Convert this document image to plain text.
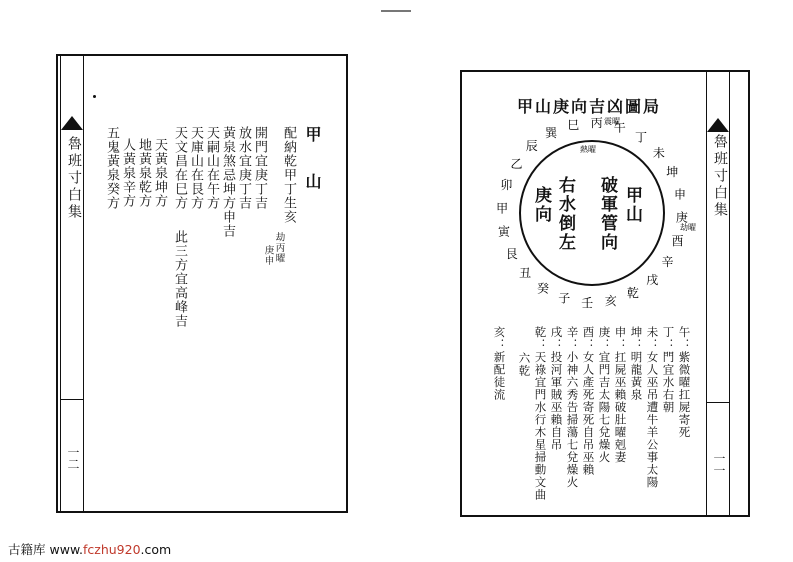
魯班寸白集
一二
甲 山
配納乾甲丁生亥
劫丙曜
庚申
開門宜庚丁吉
放水宜庚丁吉
黃泉煞忌坤方申吉
天嗣山在午方
天庫山在艮方
天文昌在巳方
此三方宜高峰吉
天黃泉坤方
地黃泉乾方
人黃泉辛方
五鬼黃泉癸方	魯班寸白集
一一
甲山庚向吉凶圖局
午
丁
未
坤
申
庚
酉
辛
戌
乾
亥
壬
子
癸
丑
艮
寅
甲
卯
乙
辰
巽
巳 丙 震曜
熱曜
劫曜
甲山
破軍管向
右水倒左
庚向
午：紫微曜扛屍寄死
丁：門宜水右朝
未：女人巫吊遭牛羊公事太陽
坤：明龍黃泉
申：扛屍巫賴破肚曜剋妻
庚：宜門吉太陽七兌燥火
酉：女人產死寄死自吊巫賴
辛：小神六秀告掃蕩七兌燥火
戌：投河軍賊巫賴自吊
乾：天祿宜門水行木星掃動文曲
六乾
亥：新配徒流
古籍库 www.fczhu920.com
